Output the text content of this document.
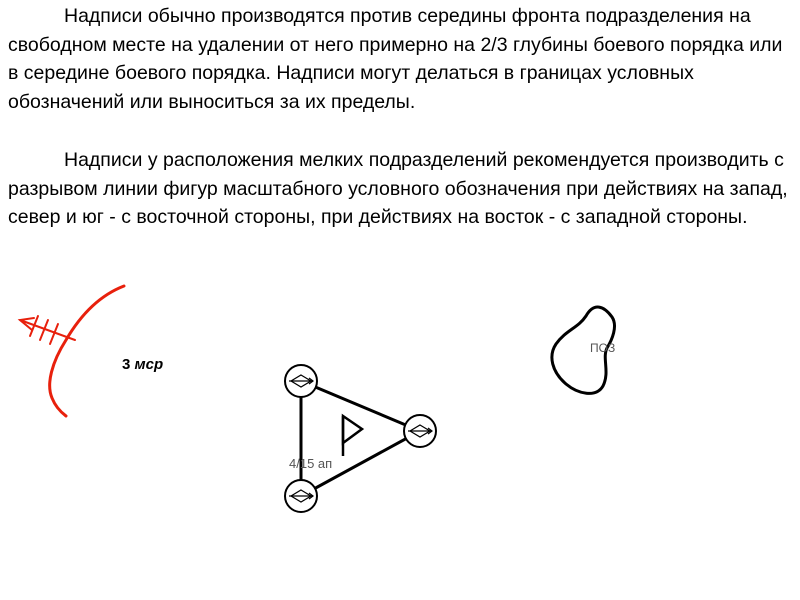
Надписи обычно производятся против середины фронта подразделения на свободном месте на удалении от него примерно на 2/3 глубины боевого порядка или в середине боевого порядка. Надписи могут делаться в границах условных обозначений или выноситься за их пределы.

Надписи у расположения мелких подразделений рекомендуется производить с разрывом линии фигур масштабного условного обозначения при действиях на запад, север и юг - с восточной стороны, при действиях на восток - с западной стороны.

3 мср
4/15 ап
ПОЗ
